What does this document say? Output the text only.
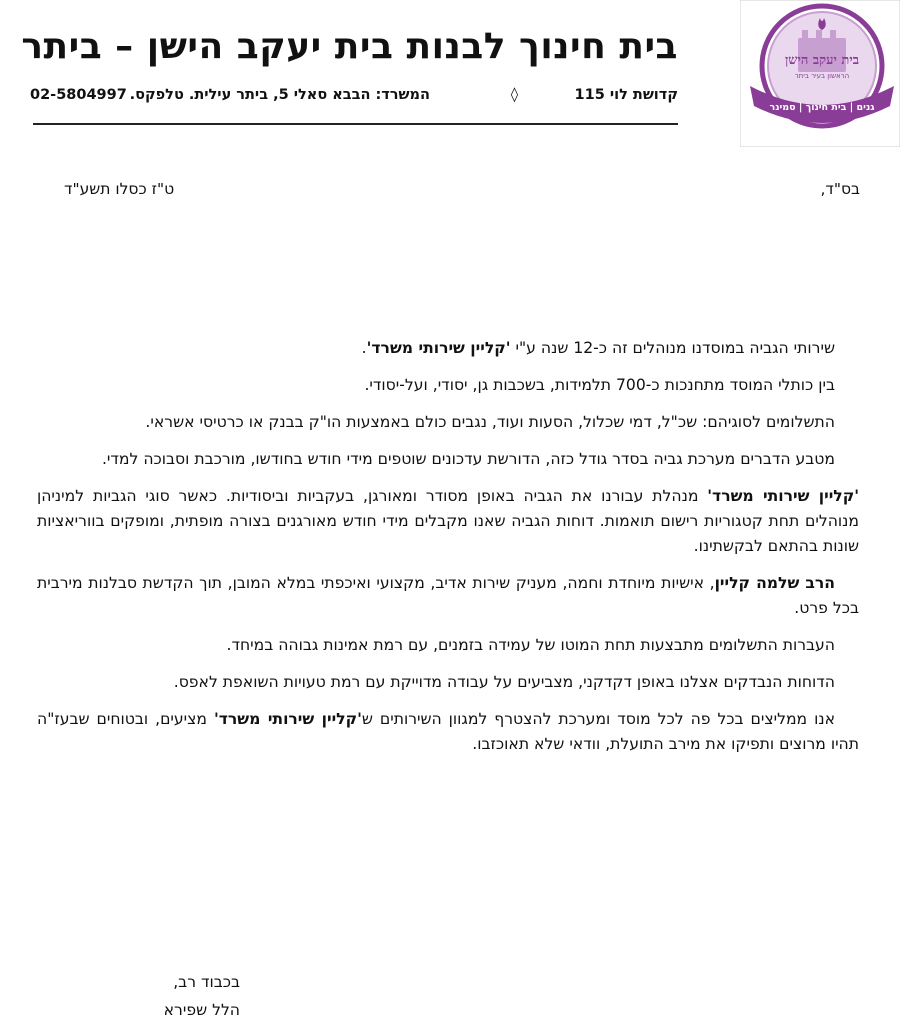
בית חינוך לבנות בית יעקב הישן – ביתר
קדושת לוי 115
◊
המשרד: הבבא סאלי 5, ביתר עילית. טלפקס.
02-5804997
בית יעקב הישן
הראשון בעיר ביתר
גנים | בית חינוך | סמינר
בס"ד,
ט"ז כסלו תשע"ד

שירותי הגביה במוסדנו מנוהלים זה כ-12 שנה ע"י 'קליין שירותי משרד'.

בין כותלי המוסד מתחנכות כ-700 תלמידות, בשכבות גן, יסודי, ועל-יסודי.

התשלומים לסוגיהם: שכ"ל, דמי שכלול, הסעות ועוד, נגבים כולם באמצעות הו"ק בבנק או כרטיסי אשראי.

מטבע הדברים מערכת גביה בסדר גודל כזה, הדורשת עדכונים שוטפים מידי חודש בחודשו, מורכבת וסבוכה למדי.

'קליין שירותי משרד' מנהלת עבורנו את הגביה באופן מסודר ומאורגן, בעקביות וביסודיות. כאשר סוגי הגביות למיניהן מנוהלים תחת קטגוריות רישום תואמות. דוחות הגביה שאנו מקבלים מידי חודש מאורגנים בצורה מופתית, ומופקים בווריאציות שונות בהתאם לבקשתינו.

הרב שלמה קליין, אישיות מיוחדת וחמה, מעניק שירות אדיב, מקצועי ואיכפתי במלא המובן, תוך הקדשת סבלנות מירבית בכל פרט.

העברות התשלומים מתבצעות תחת המוטו של עמידה בזמנים, עם רמת אמינות גבוהה במיחד.

הדוחות הנבדקים אצלנו באופן דקדקני, מצביעים על עבודה מדוייקת עם רמת טעויות השואפת לאפס.

אנו ממליצים בכל פה לכל מוסד ומערכת להצטרף למגוון השירותים ש'קליין שירותי משרד' מציעים, ובטוחים שבעז"ה תהיו מרוצים ותפיקו את מירב התועלת, וודאי שלא תאוכזבו.

בכבוד רב,
הלל שפירא
